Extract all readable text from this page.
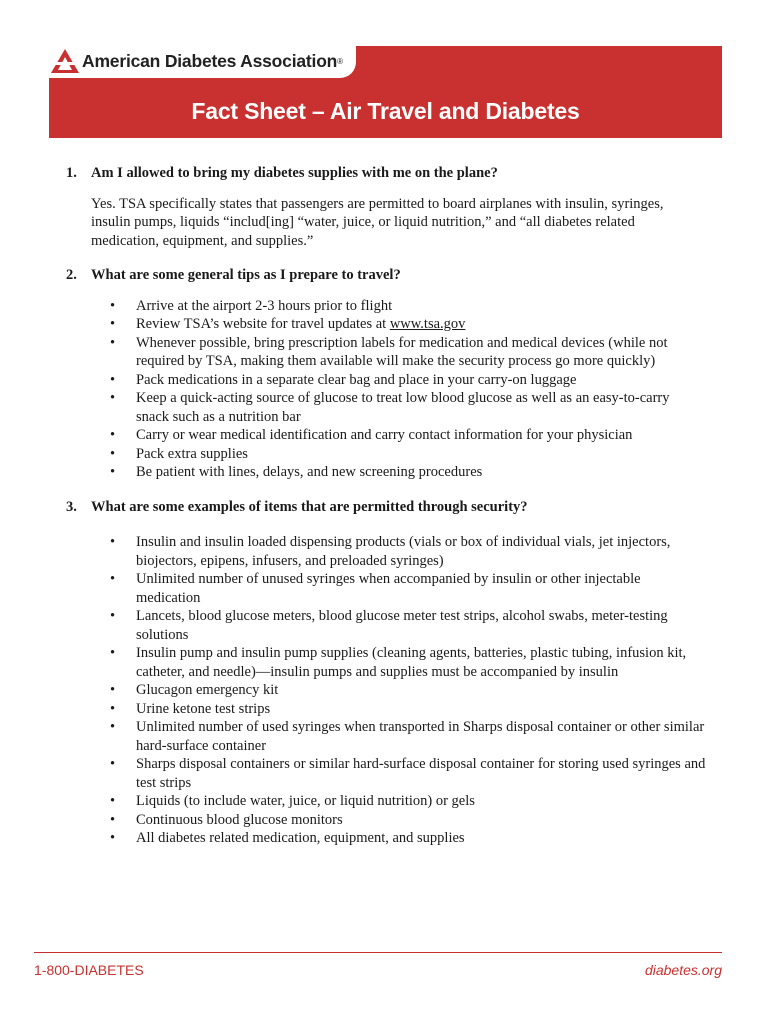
American Diabetes Association ®
Fact Sheet – Air Travel and Diabetes
1. Am I allowed to bring my diabetes supplies with me on the plane?

Yes. TSA specifically states that passengers are permitted to board airplanes with insulin, syringes, insulin pumps, liquids “includ[ing] “water, juice, or liquid nutrition,” and “all diabetes related medication, equipment, and supplies.”

2. What are some general tips as I prepare to travel?
•	Arrive at the airport 2-3 hours prior to flight
•	Review TSA’s website for travel updates at www.tsa.gov
•	Whenever possible, bring prescription labels for medication and medical devices (while not required by TSA, making them available will make the security process go more quickly)
•	Pack medications in a separate clear bag and place in your carry-on luggage
•	Keep a quick-acting source of glucose to treat low blood glucose as well as an easy-to-carry snack such as a nutrition bar
•	Carry or wear medical identification and carry contact information for your physician
•	Pack extra supplies
•	Be patient with lines, delays, and new screening procedures
3. What are some examples of items that are permitted through security?
•	Insulin and insulin loaded dispensing products (vials or box of individual vials, jet injectors, biojectors, epipens, infusers, and preloaded syringes)
•	Unlimited number of unused syringes when accompanied by insulin or other injectable medication
•	Lancets, blood glucose meters, blood glucose meter test strips, alcohol swabs, meter-testing solutions
•	Insulin pump and insulin pump supplies (cleaning agents, batteries, plastic tubing, infusion kit, catheter, and needle)—insulin pumps and supplies must be accompanied by insulin
•	Glucagon emergency kit
•	Urine ketone test strips
•	Unlimited number of used syringes when transported in Sharps disposal container or other similar hard-surface container
•	Sharps disposal containers or similar hard-surface disposal container for storing used syringes and test strips
•	Liquids (to include water, juice, or liquid nutrition) or gels
•	Continuous blood glucose monitors
•	All diabetes related medication, equipment, and supplies
1-800-DIABETES	diabetes.org
